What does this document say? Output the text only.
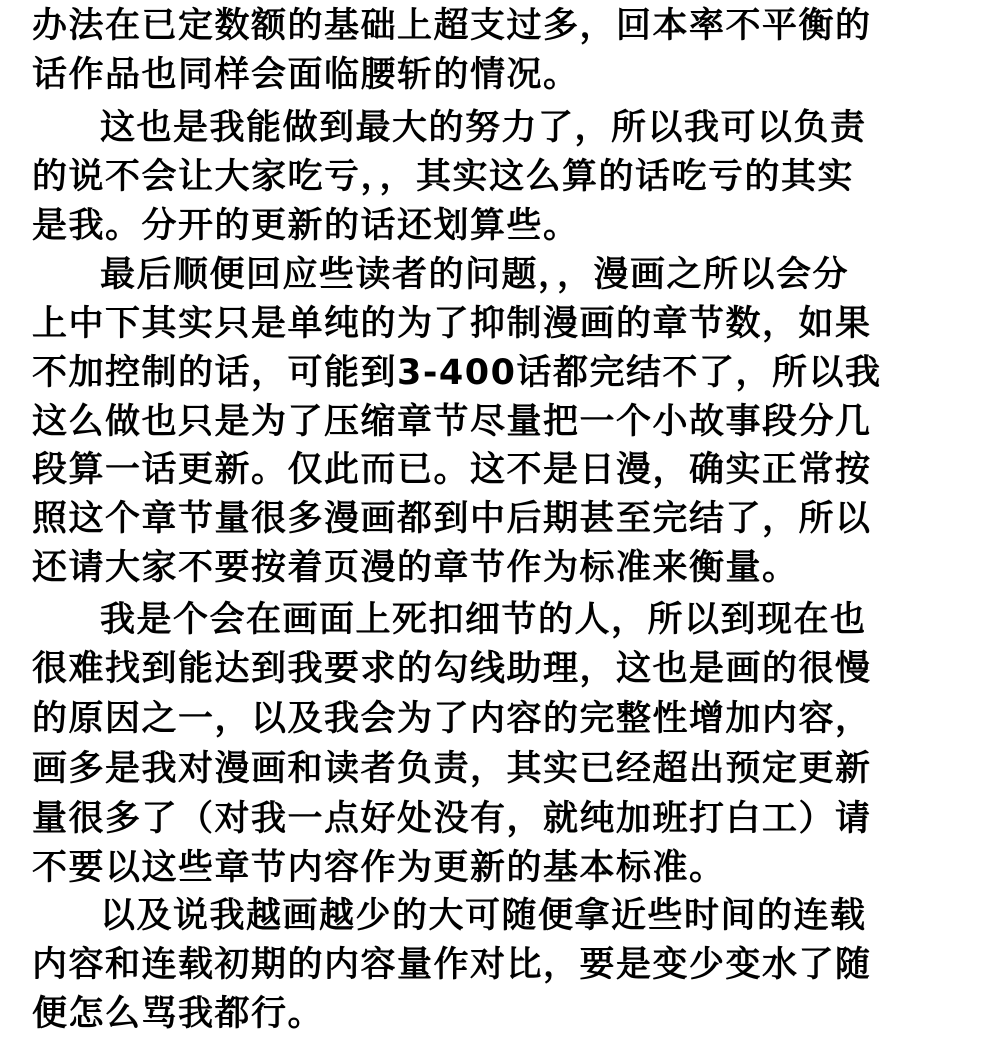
办法在已定数额的基础上超支过多，回本率不平衡的
话作品也同样会面临腰斩的情况。
这也是我能做到最大的努力了，所以我可以负责
的说不会让大家吃亏，，其实这么算的话吃亏的其实
是我。分开的更新的话还划算些。
最后顺便回应些读者的问题，，漫画之所以会分
上中下其实只是单纯的为了抑制漫画的章节数，如果
不加控制的话，可能到3-400话都完结不了，所以我
这么做也只是为了压缩章节尽量把一个小故事段分几
段算一话更新。仅此而已。这不是日漫，确实正常按
照这个章节量很多漫画都到中后期甚至完结了，所以
还请大家不要按着页漫的章节作为标准来衡量。
我是个会在画面上死扣细节的人，所以到现在也
很难找到能达到我要求的勾线助理，这也是画的很慢
的原因之一，以及我会为了内容的完整性增加内容，
画多是我对漫画和读者负责，其实已经超出预定更新
量很多了（对我一点好处没有，就纯加班打白工）请
不要以这些章节内容作为更新的基本标准。
以及说我越画越少的大可随便拿近些时间的连载
内容和连载初期的内容量作对比，要是变少变水了随
便怎么骂我都行。
